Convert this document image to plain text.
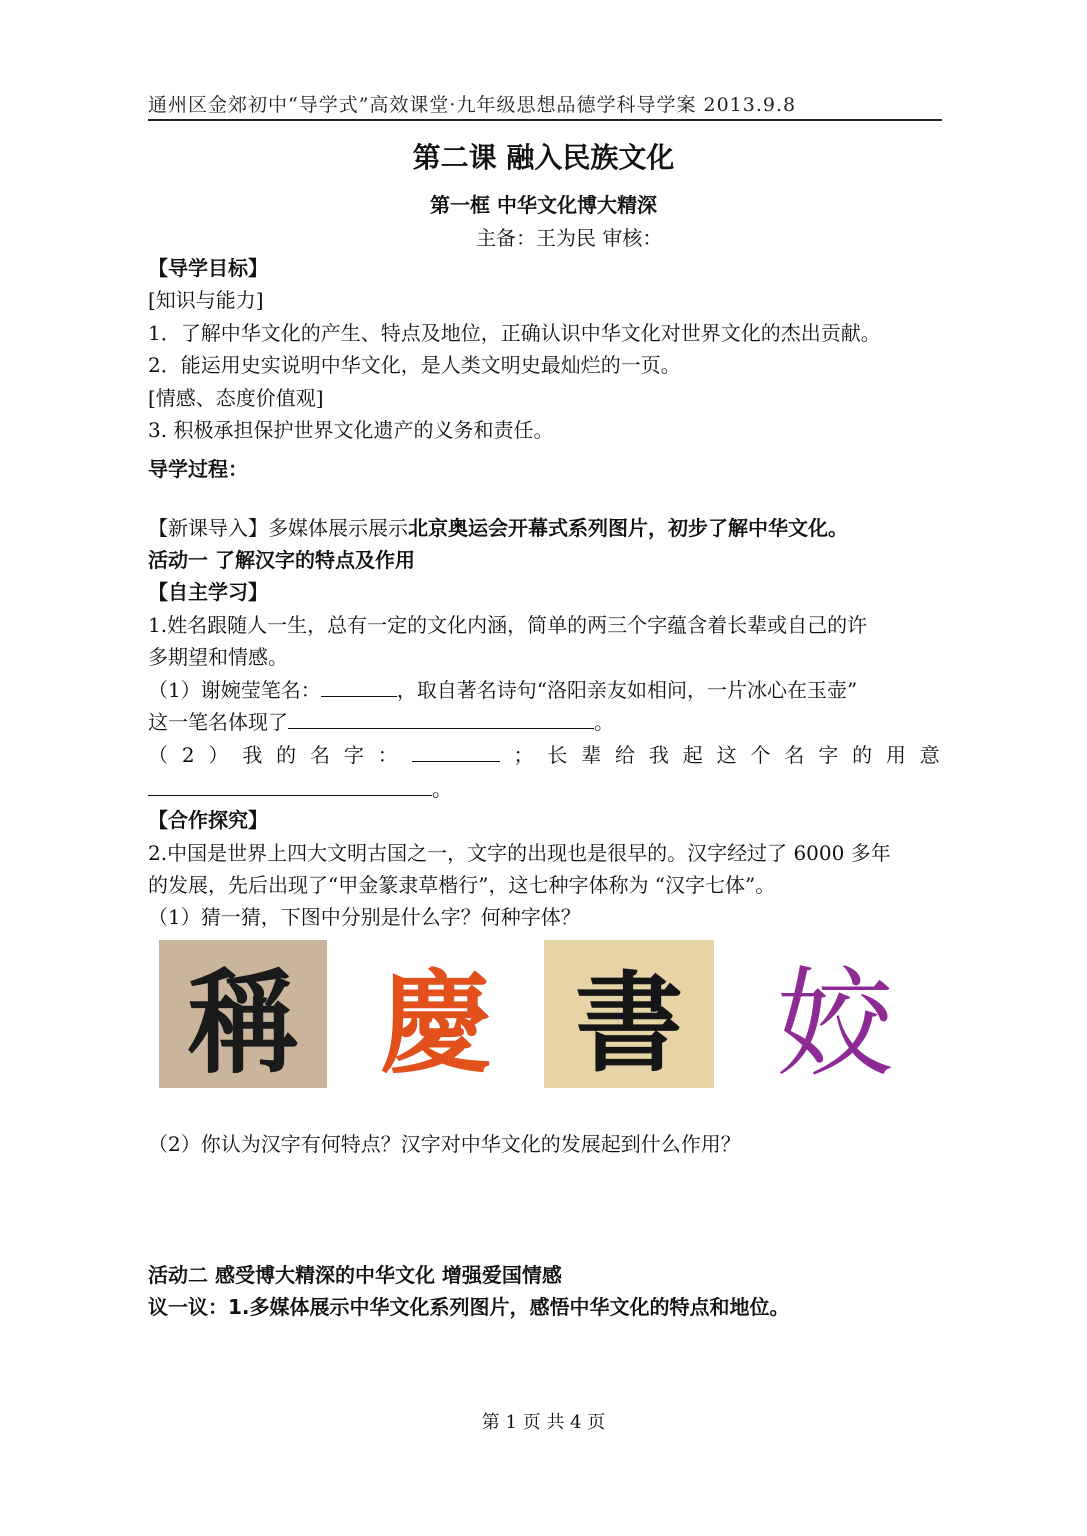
通州区金郊初中“导学式”高效课堂·九年级思想品德学科导学案 2013.9.8
第二课 融入民族文化
第一框 中华文化博大精深
主备：王为民 审核：
【导学目标】
[知识与能力]
1．了解中华文化的产生、特点及地位，正确认识中华文化对世界文化的杰出贡献。
2．能运用史实说明中华文化，是人类文明史最灿烂的一页。
[情感、态度价值观]
3. 积极承担保护世界文化遗产的义务和责任。
导学过程：
【新课导入】多媒体展示展示北京奥运会开幕式系列图片，初步了解中华文化。
活动一 了解汉字的特点及作用
【自主学习】
1.姓名跟随人一生，总有一定的文化内涵，简单的两三个字蕴含着长辈或自己的许
多期望和情感。
（1）谢婉莹笔名：	，取自著名诗句“洛阳亲友如相问，一片冰心在玉壶”
这一笔名体现了	。
（ 2 ） 我 的 名 字 ：	； 长 辈 给 我 起 这 个 名 字 的 用 意
。
【合作探究】
2.中国是世界上四大文明古国之一，文字的出现也是很早的。汉字经过了 6000 多年
的发展，先后出现了“甲金篆隶草楷行”，这七种字体称为 “汉字七体”。
（1）猜一猜，下图中分别是什么字？何种字体？
稱 慶 書 姣
（2）你认为汉字有何特点？汉字对中华文化的发展起到什么作用？
活动二 感受博大精深的中华文化 增强爱国情感
议一议：1.多媒体展示中华文化系列图片，感悟中华文化的特点和地位。
第 1 页 共 4 页
